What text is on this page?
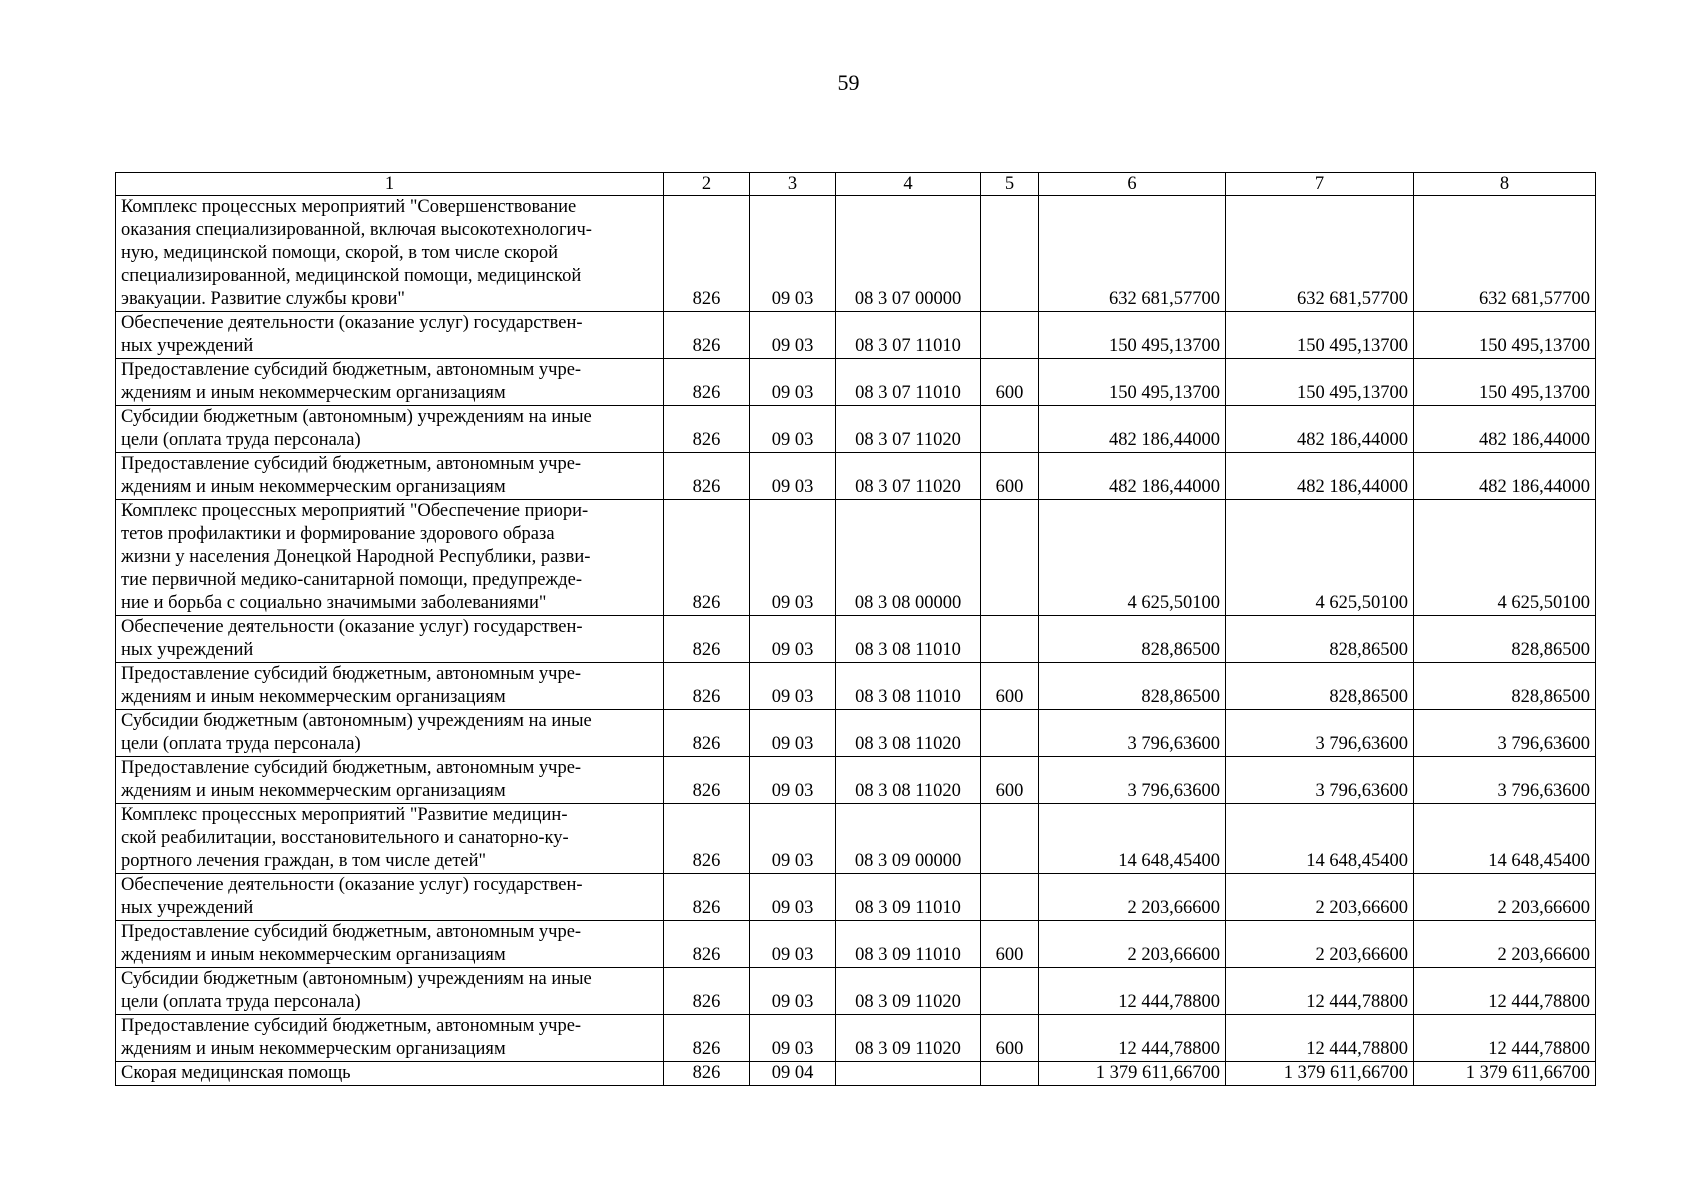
59
1	2	3	4	5	6	7	8

Комплекс процессных мероприятий "Совершенствование
оказания специализированной, включая высокотехнологич-
ную, медицинской помощи, скорой, в том числе скорой
специализированной, медицинской помощи, медицинской
эвакуации. Развитие службы крови"	826	09 03	08 3 07 00000		632 681,57700	632 681,57700	632 681,57700

Обеспечение деятельности (оказание услуг) государствен-
ных учреждений	826	09 03	08 3 07 11010		150 495,13700	150 495,13700	150 495,13700

Предоставление субсидий бюджетным, автономным учре-
ждениям и иным некоммерческим организациям	826	09 03	08 3 07 11010	600	150 495,13700	150 495,13700	150 495,13700

Субсидии бюджетным (автономным) учреждениям на иные
цели (оплата труда персонала)	826	09 03	08 3 07 11020		482 186,44000	482 186,44000	482 186,44000

Предоставление субсидий бюджетным, автономным учре-
ждениям и иным некоммерческим организациям	826	09 03	08 3 07 11020	600	482 186,44000	482 186,44000	482 186,44000

Комплекс процессных мероприятий "Обеспечение приори-
тетов профилактики и формирование здорового образа
жизни у населения Донецкой Народной Республики, разви-
тие первичной медико-санитарной помощи, предупрежде-
ние и борьба с социально значимыми заболеваниями"	826	09 03	08 3 08 00000		4 625,50100	4 625,50100	4 625,50100

Обеспечение деятельности (оказание услуг) государствен-
ных учреждений	826	09 03	08 3 08 11010		828,86500	828,86500	828,86500

Предоставление субсидий бюджетным, автономным учре-
ждениям и иным некоммерческим организациям	826	09 03	08 3 08 11010	600	828,86500	828,86500	828,86500

Субсидии бюджетным (автономным) учреждениям на иные
цели (оплата труда персонала)	826	09 03	08 3 08 11020		3 796,63600	3 796,63600	3 796,63600

Предоставление субсидий бюджетным, автономным учре-
ждениям и иным некоммерческим организациям	826	09 03	08 3 08 11020	600	3 796,63600	3 796,63600	3 796,63600

Комплекс процессных мероприятий "Развитие медицин-
ской реабилитации, восстановительного и санаторно-ку-
рортного лечения граждан, в том числе детей"	826	09 03	08 3 09 00000		14 648,45400	14 648,45400	14 648,45400

Обеспечение деятельности (оказание услуг) государствен-
ных учреждений	826	09 03	08 3 09 11010		2 203,66600	2 203,66600	2 203,66600

Предоставление субсидий бюджетным, автономным учре-
ждениям и иным некоммерческим организациям	826	09 03	08 3 09 11010	600	2 203,66600	2 203,66600	2 203,66600

Субсидии бюджетным (автономным) учреждениям на иные
цели (оплата труда персонала)	826	09 03	08 3 09 11020		12 444,78800	12 444,78800	12 444,78800

Предоставление субсидий бюджетным, автономным учре-
ждениям и иным некоммерческим организациям	826	09 03	08 3 09 11020	600	12 444,78800	12 444,78800	12 444,78800

Скорая медицинская помощь	826	09 04			1 379 611,66700	1 379 611,66700	1 379 611,66700
